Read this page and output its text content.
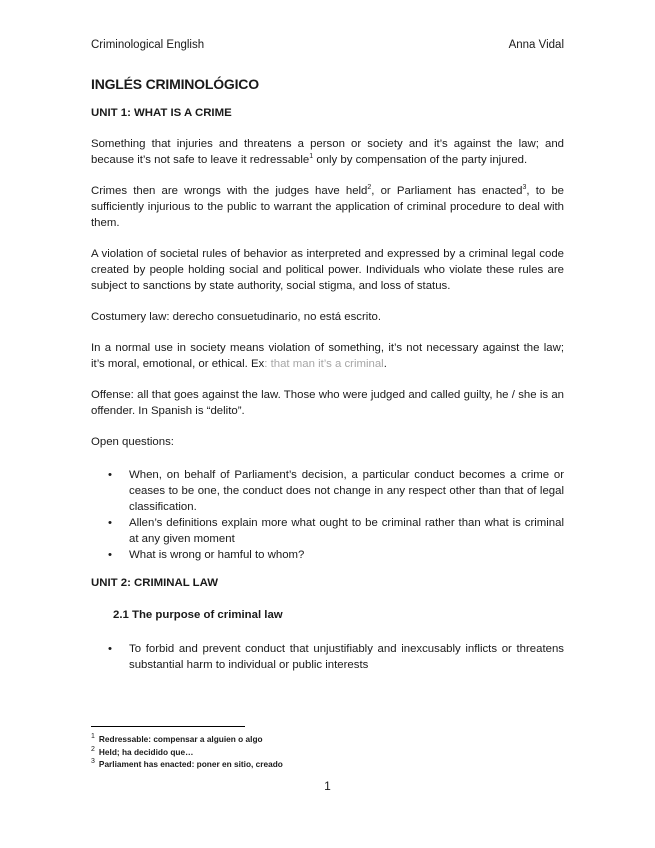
Criminological English	Anna Vidal
INGLÉS CRIMINOLÓGICO
UNIT 1: WHAT IS A CRIME

Something that injuries and threatens a person or society and it’s against the law; and because it’s not safe to leave it redressable$^1$ only by compensation of the party injured.

Crimes then are wrongs with the judges have held$^2$, or Parliament has enacted$^3$, to be sufficiently injurious to the public to warrant the application of criminal procedure to deal with them.

A violation of societal rules of behavior as interpreted and expressed by a criminal legal code created by people holding social and political power. Individuals who violate these rules are subject to sanctions by state authority, social stigma, and loss of status.

Costumery law: derecho consuetudinario, no está escrito.

In a normal use in society means violation of something, it’s not necessary against the law; it’s moral, emotional, or ethical. Ex: that man it’s a criminal.

Offense: all that goes against the law. Those who were judged and called guilty, he / she is an offender. In Spanish is “delito”.

Open questions:

• When, on behalf of Parliament’s decision, a particular conduct becomes a crime or ceases to be one, the conduct does not change in any respect other than that of legal classification.
• Allen’s definitions explain more what ought to be criminal rather than what is criminal at any given moment
• What is wrong or hamful to whom?
UNIT 2: CRIMINAL LAW
2.1 The purpose of criminal law
• To forbid and prevent conduct that unjustifiably and inexcusably inflicts or threatens substantial harm to individual or public interests
$^1$ Redressable: compensar a alguien o algo
$^2$ Held; ha decidido que…
$^3$ Parliament has enacted: poner en sitio, creado
1
